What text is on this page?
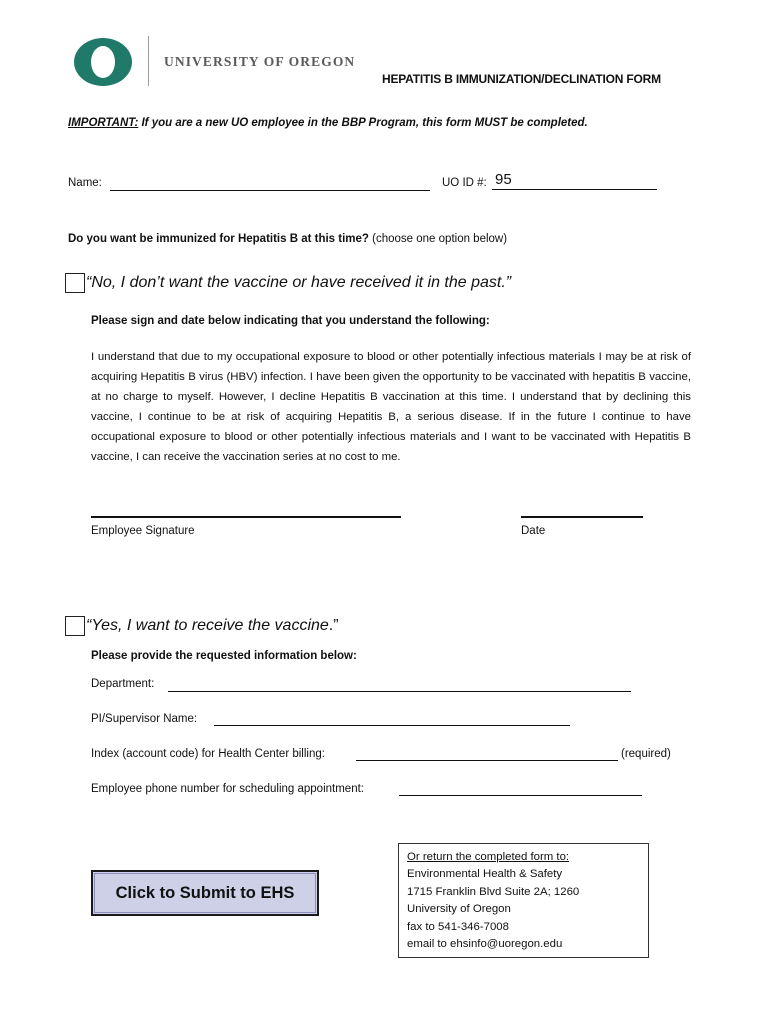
UNIVERSITY OF OREGON
HEPATITIS B IMMUNIZATION/DECLINATION FORM
IMPORTANT: If you are a new UO employee in the BBP Program, this form MUST be completed.
Name:	UO ID #: 95
Do you want be immunized for Hepatitis B at this time? (choose one option below)
“No, I don’t want the vaccine or have received it in the past.”
Please sign and date below indicating that you understand the following:
I understand that due to my occupational exposure to blood or other potentially infectious materials I may be at risk of acquiring Hepatitis B virus (HBV) infection. I have been given the opportunity to be vaccinated with hepatitis B vaccine, at no charge to myself. However, I decline Hepatitis B vaccination at this time. I understand that by declining this vaccine, I continue to be at risk of acquiring Hepatitis B, a serious disease. If in the future I continue to have occupational exposure to blood or other potentially infectious materials and I want to be vaccinated with Hepatitis B vaccine, I can receive the vaccination series at no cost to me.
Employee Signature	Date
“Yes, I want to receive the vaccine.”
Please provide the requested information below:
Department:
PI/Supervisor Name:
Index (account code) for Health Center billing:	(required)
Employee phone number for scheduling appointment:
Click to Submit to EHS
Or return the completed form to:
Environmental Health & Safety
1715 Franklin Blvd Suite 2A; 1260
University of Oregon
fax to 541-346-7008
email to ehsinfo@uoregon.edu
